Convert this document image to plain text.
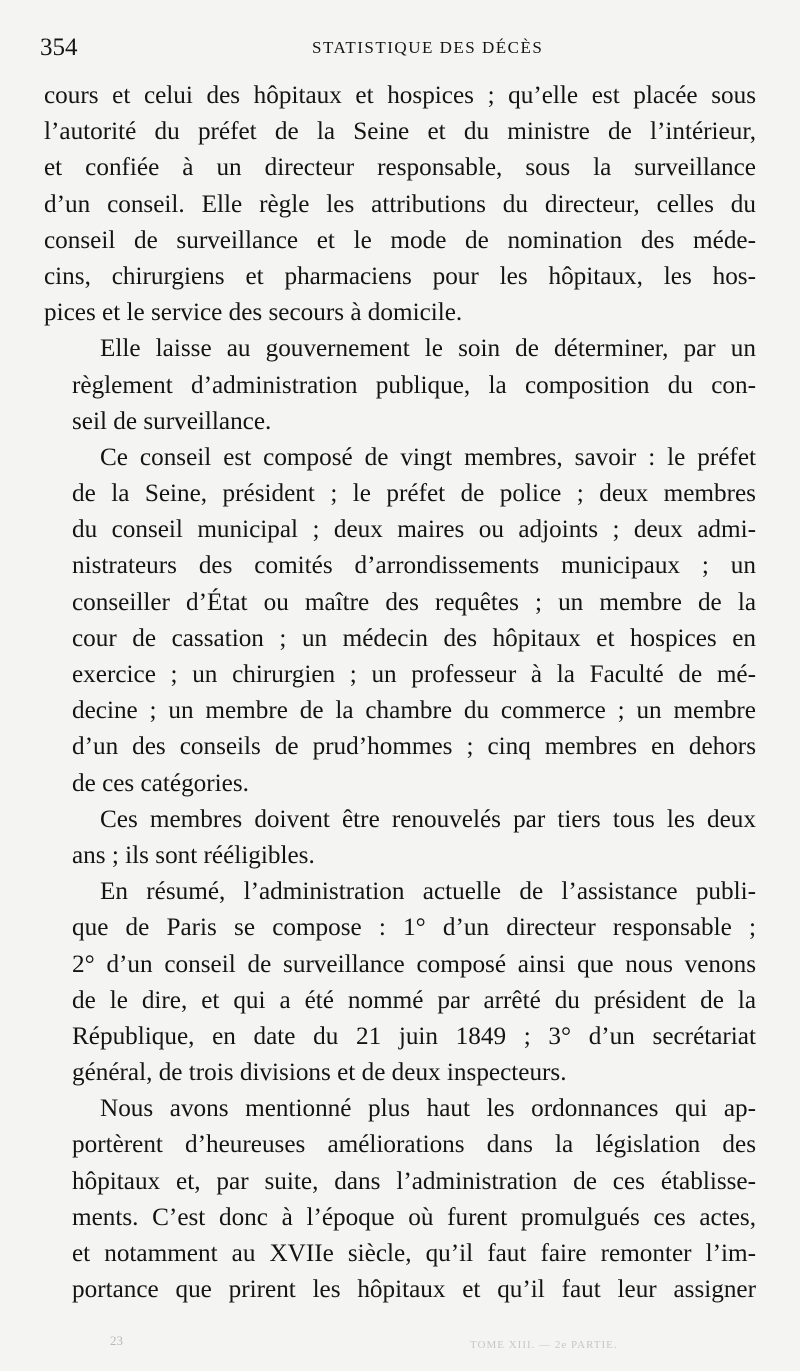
354	STATISTIQUE DES DÉCÈS
cours et celui des hôpitaux et hospices ; qu’elle est placée sous
l’autorité du préfet de la Seine et du ministre de l’intérieur,
et confiée à un directeur responsable, sous la surveillance
d’un conseil. Elle règle les attributions du directeur, celles du
conseil de surveillance et le mode de nomination des méde-
cins, chirurgiens et pharmaciens pour les hôpitaux, les hos-
pices et le service des secours à domicile.
Elle laisse au gouvernement le soin de déterminer, par un
règlement d’administration publique, la composition du con-
seil de surveillance.
Ce conseil est composé de vingt membres, savoir : le préfet
de la Seine, président ; le préfet de police ; deux membres
du conseil municipal ; deux maires ou adjoints ; deux admi-
nistrateurs des comités d’arrondissements municipaux ; un
conseiller d’État ou maître des requêtes ; un membre de la
cour de cassation ; un médecin des hôpitaux et hospices en
exercice ; un chirurgien ; un professeur à la Faculté de mé-
decine ; un membre de la chambre du commerce ; un membre
d’un des conseils de prud’hommes ; cinq membres en dehors
de ces catégories.
Ces membres doivent être renouvelés par tiers tous les deux
ans ; ils sont rééligibles.
En résumé, l’administration actuelle de l’assistance publi-
que de Paris se compose : 1° d’un directeur responsable ;
2° d’un conseil de surveillance composé ainsi que nous venons
de le dire, et qui a été nommé par arrêté du président de la
République, en date du 21 juin 1849 ; 3° d’un secrétariat
général, de trois divisions et de deux inspecteurs.
Nous avons mentionné plus haut les ordonnances qui ap-
portèrent d’heureuses améliorations dans la législation des
hôpitaux et, par suite, dans l’administration de ces établisse-
ments. C’est donc à l’époque où furent promulgués ces actes,
et notamment au XVIIe siècle, qu’il faut faire remonter l’im-
portance que prirent les hôpitaux et qu’il faut leur assigner
23	TOME XIII. — 2e PARTIE.
